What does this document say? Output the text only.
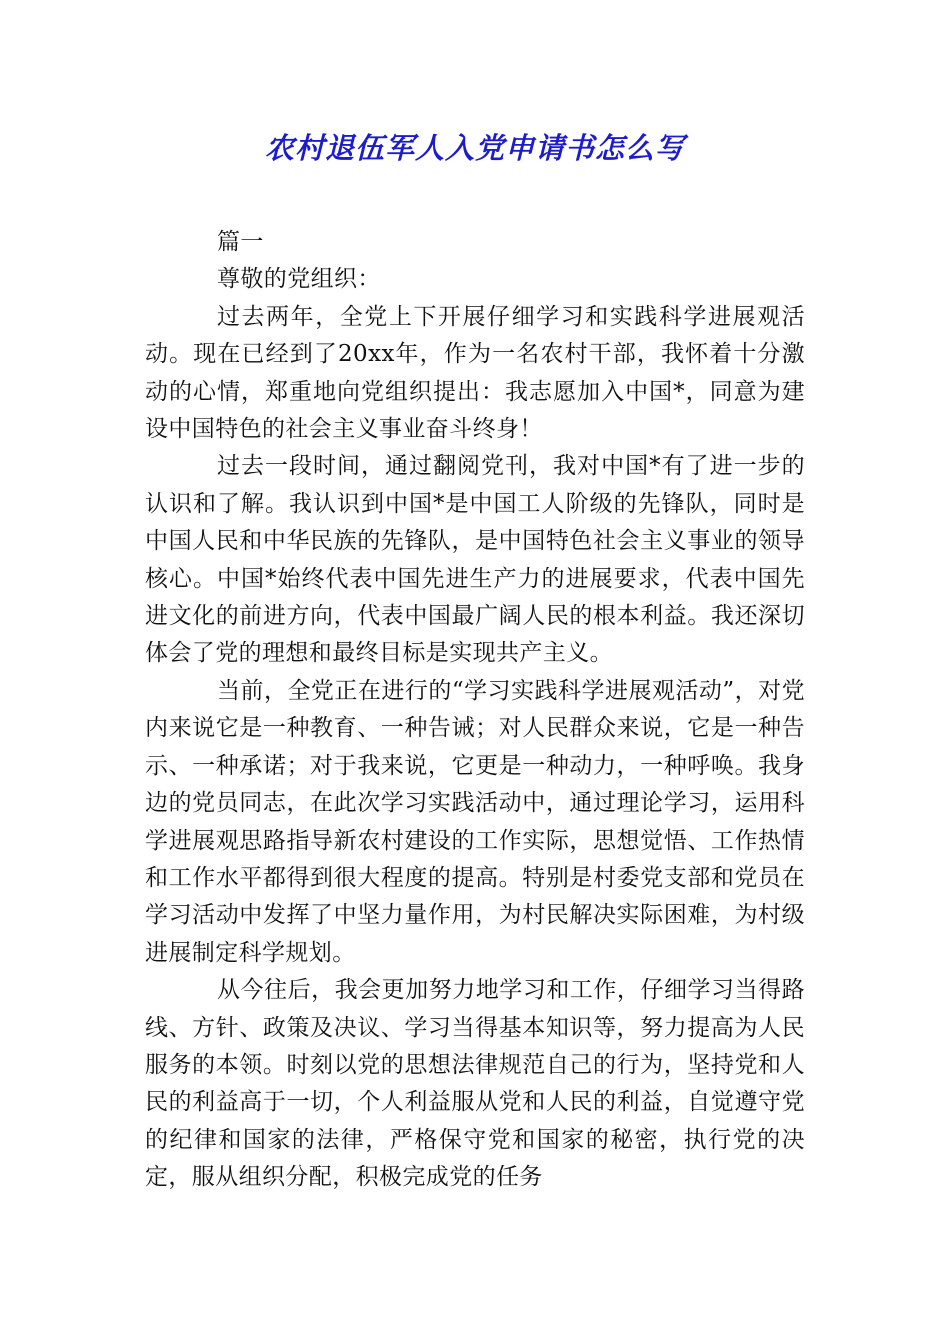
农村退伍军人入党申请书怎么写

篇一

尊敬的党组织：

过去两年，全党上下开展仔细学习和实践科学进展观活动。现在已经到了20xx年，作为一名农村干部，我怀着十分激动的心情，郑重地向党组织提出：我志愿加入中国*，同意为建设中国特色的社会主义事业奋斗终身！

过去一段时间，通过翻阅党刊，我对中国*有了进一步的认识和了解。我认识到中国*是中国工人阶级的先锋队，同时是中国人民和中华民族的先锋队，是中国特色社会主义事业的领导核心。中国*始终代表中国先进生产力的进展要求，代表中国先进文化的前进方向，代表中国最广阔人民的根本利益。我还深切体会了党的理想和最终目标是实现共产主义。

当前，全党正在进行的“学习实践科学进展观活动”，对党内来说它是一种教育、一种告诫；对人民群众来说，它是一种告示、一种承诺；对于我来说，它更是一种动力，一种呼唤。我身边的党员同志，在此次学习实践活动中，通过理论学习，运用科学进展观思路指导新农村建设的工作实际，思想觉悟、工作热情和工作水平都得到很大程度的提高。特别是村委党支部和党员在学习活动中发挥了中坚力量作用，为村民解决实际困难，为村级进展制定科学规划。

从今往后，我会更加努力地学习和工作，仔细学习当得路线、方针、政策及决议、学习当得基本知识等，努力提高为人民服务的本领。时刻以党的思想法律规范自己的行为，坚持党和人民的利益高于一切，个人利益服从党和人民的利益，自觉遵守党的纪律和国家的法律，严格保守党和国家的秘密，执行党的决定，服从组织分配，积极完成党的任务
